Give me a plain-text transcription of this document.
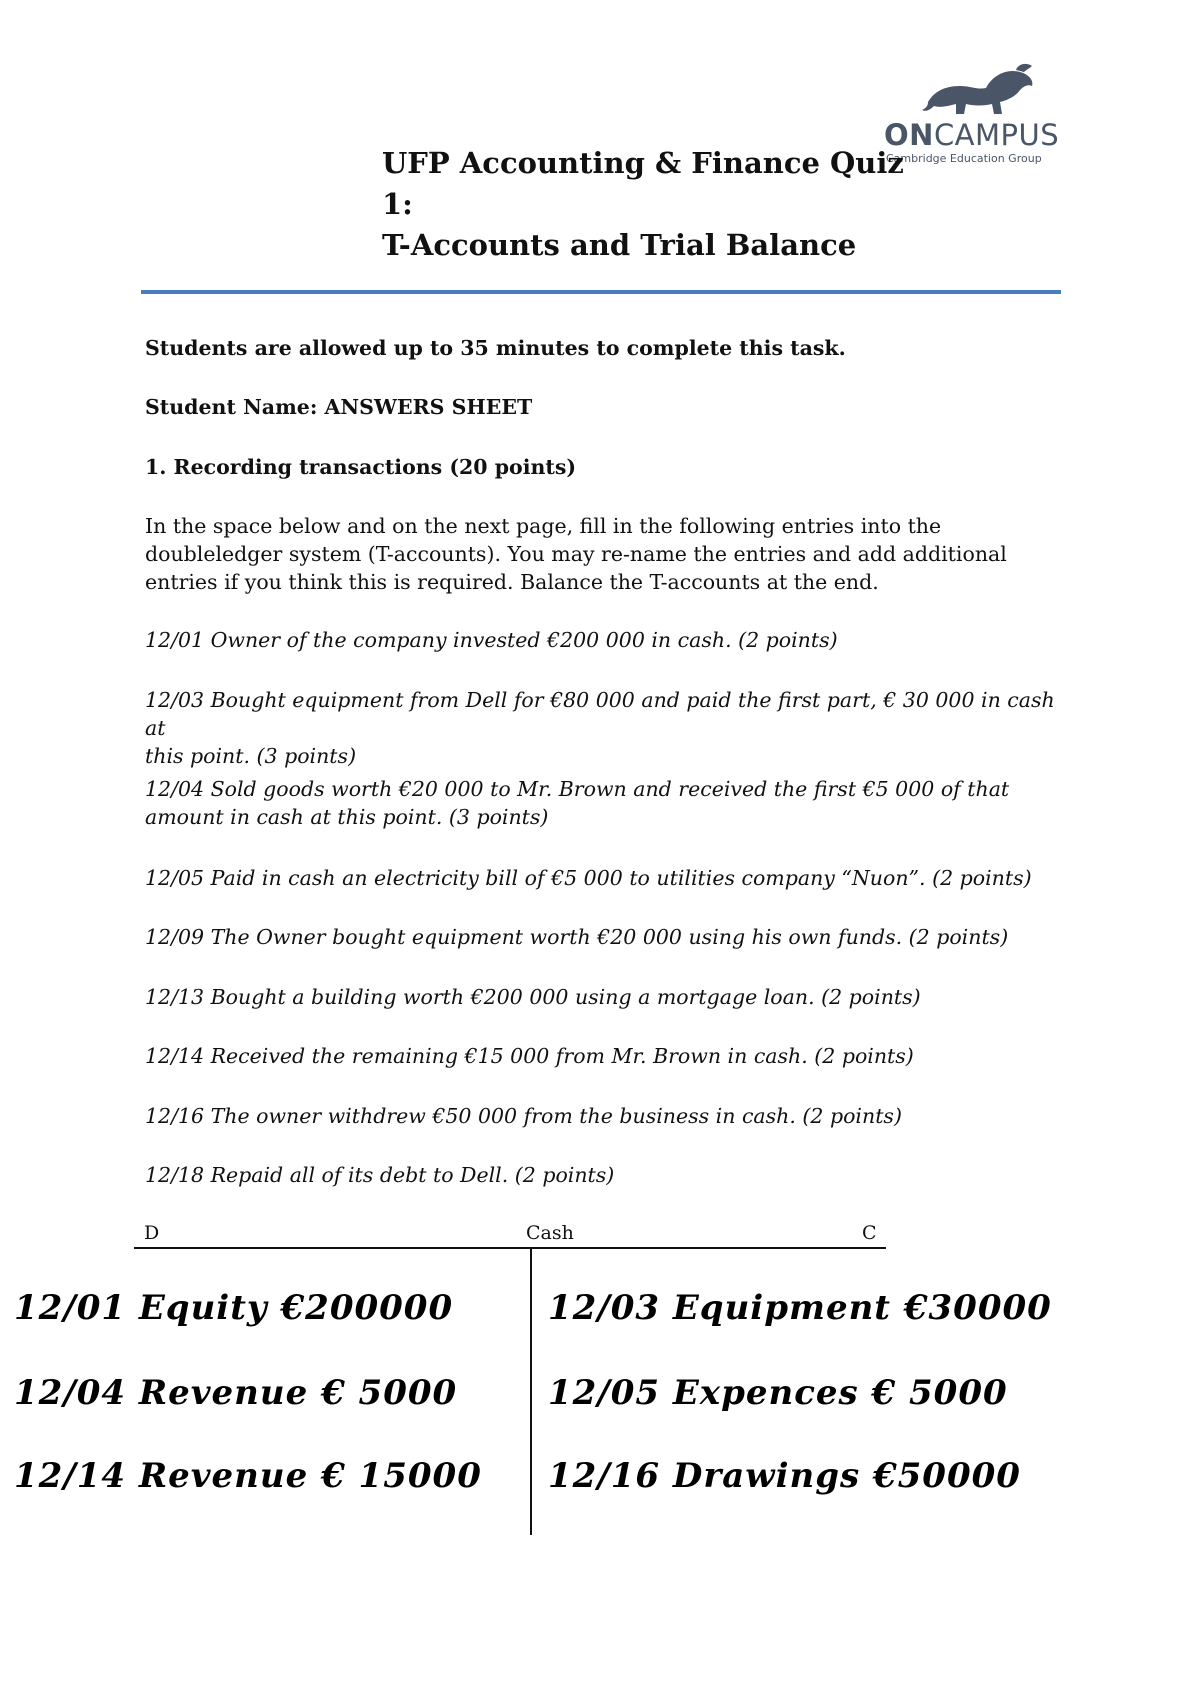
ONCAMPUS
Cambridge Education Group
UFP Accounting & Finance Quiz
1:
T-Accounts and Trial Balance
Students are allowed up to 35 minutes to complete this task.
Student Name: ANSWERS SHEET
1. Recording transactions (20 points)
In the space below and on the next page, fill in the following entries into the
doubleledger system (T-accounts). You may re-name the entries and add additional
entries if you think this is required. Balance the T-accounts at the end.
12/01 Owner of the company invested €200 000 in cash. (2 points)
12/03 Bought equipment from Dell for €80 000 and paid the first part, € 30 000 in cash at
this point. (3 points)
12/04 Sold goods worth €20 000 to Mr. Brown and received the first €5 000 of that
amount in cash at this point. (3 points)
12/05 Paid in cash an electricity bill of €5 000 to utilities company “Nuon”. (2 points)
12/09 The Owner bought equipment worth €20 000 using his own funds. (2 points)
12/13 Bought a building worth €200 000 using a mortgage loan. (2 points)
12/14 Received the remaining €15 000 from Mr. Brown in cash. (2 points)
12/16 The owner withdrew €50 000 from the business in cash. (2 points)
12/18 Repaid all of its debt to Dell. (2 points)
D	Cash	C
12/01 Equity €200000
12/04 Revenue € 5000
12/14 Revenue € 15000
12/03 Equipment €30000
12/05 Expences € 5000
12/16 Drawings €50000
